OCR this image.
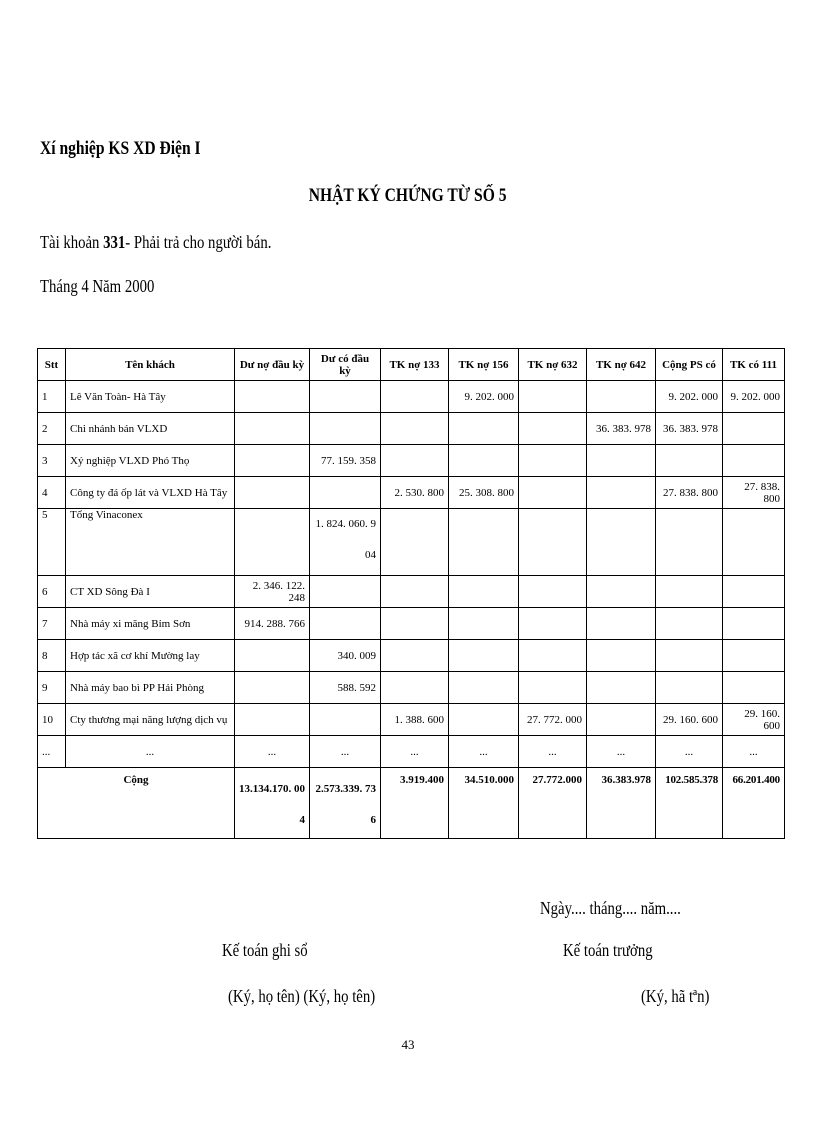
Xí nghiệp KS XD Điện I
NHẬT KÝ CHỨNG TỪ SỐ 5
Tài khoản 331- Phải trả cho người bán.
Tháng 4 Năm 2000
Stt	Tên khách	Dư nợ đầu kỳ	Dư có đầu kỳ	TK nợ 133	TK nợ 156	TK nợ 632	TK nợ 642	Cộng PS có	TK có 111
1	Lê Văn Toàn- Hà Tây				9. 202. 000			9. 202. 000	9. 202. 000
2	Chi nhánh bán VLXD						36. 383. 978	36. 383. 978	
3	Xý nghiệp VLXD Phó Thọ		77. 159. 358						
4	Công ty đá ốp lát và VLXD Hà Tây			2. 530. 800	25. 308. 800			27. 838. 800	27. 838. 800
5	Tổng Vinaconex		1. 824. 060. 904						
6	CT XD Sông Đà I	2. 346. 122. 248							
7	Nhà máy xi măng Bỉm Sơn	914. 288. 766							
8	Hợp tác xã cơ khí Mường lay		340. 009						
9	Nhà máy bao bì PP Hải Phòng		588. 592						
10	Cty thương mại năng lượng dịch vụ			1. 388. 600		27. 772. 000		29. 160. 600	29. 160. 600
...	...	...	...	...	...	...	...	...	...
Cộng		13.134.170. 004	2.573.339. 736	3.919.400	34.510.000	27.772.000	36.383.978	102.585.378	66.201.400
Ngày.... tháng.... năm....
Kế toán ghi sổ	Kế toán trưởng
(Ký, họ tên) (Ký, họ tên)	(Ký, hã tªn)
43
